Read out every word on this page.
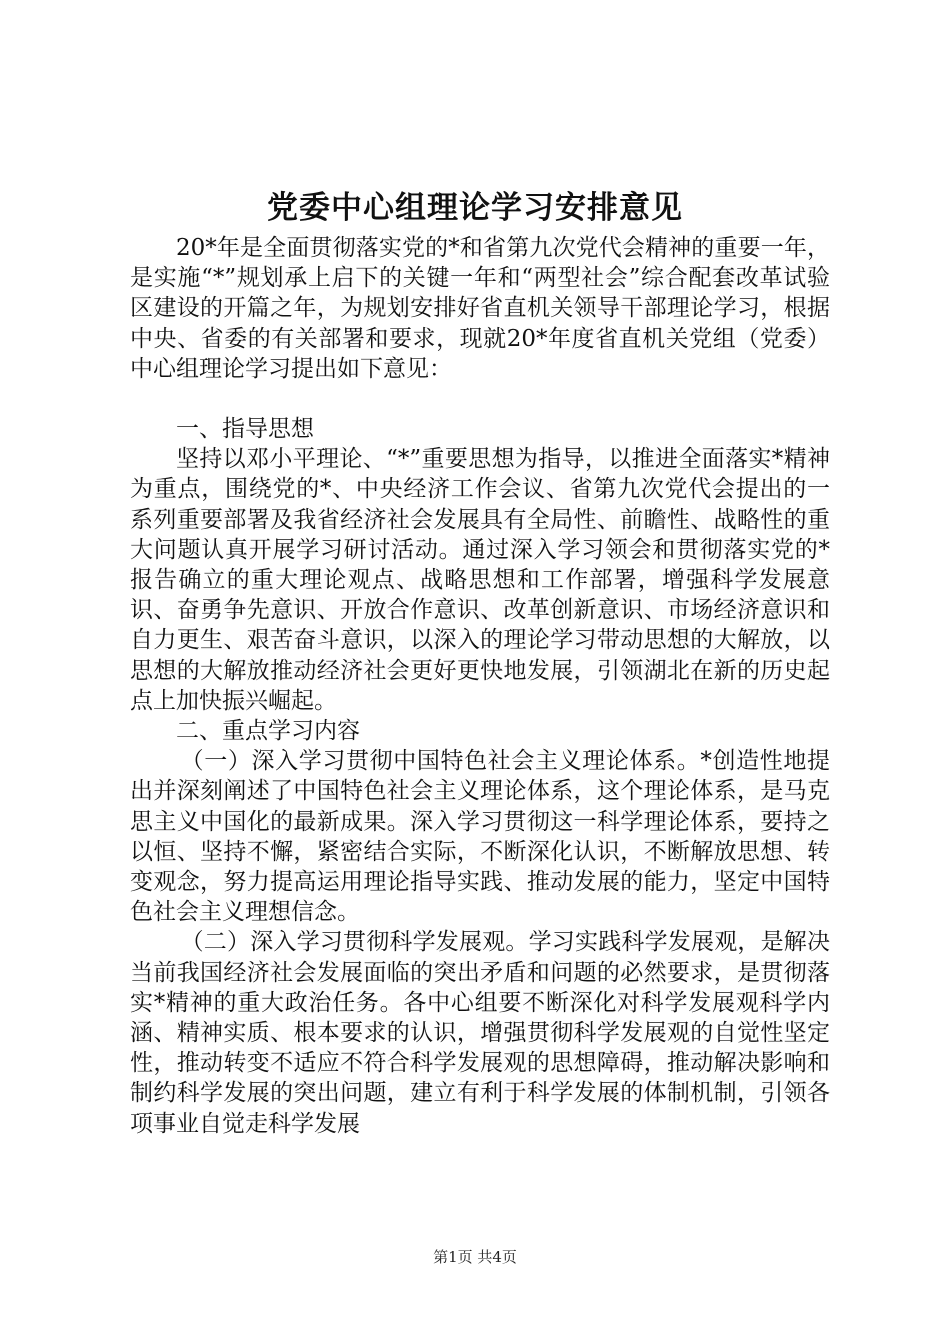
党委中心组理论学习安排意见

20*年是全面贯彻落实党的*和省第九次党代会精神的重要一年，是实施“*”规划承上启下的关键一年和“两型社会”综合配套改革试验区建设的开篇之年，为规划安排好省直机关领导干部理论学习，根据中央、省委的有关部署和要求，现就20*年度省直机关党组（党委）中心组理论学习提出如下意见：

一、指导思想

坚持以邓小平理论、“*”重要思想为指导，以推进全面落实*精神为重点，围绕党的*、中央经济工作会议、省第九次党代会提出的一系列重要部署及我省经济社会发展具有全局性、前瞻性、战略性的重大问题认真开展学习研讨活动。通过深入学习领会和贯彻落实党的*报告确立的重大理论观点、战略思想和工作部署，增强科学发展意识、奋勇争先意识、开放合作意识、改革创新意识、市场经济意识和自力更生、艰苦奋斗意识，以深入的理论学习带动思想的大解放，以思想的大解放推动经济社会更好更快地发展，引领湖北在新的历史起点上加快振兴崛起。

二、重点学习内容

（一）深入学习贯彻中国特色社会主义理论体系。*创造性地提出并深刻阐述了中国特色社会主义理论体系，这个理论体系，是马克思主义中国化的最新成果。深入学习贯彻这一科学理论体系，要持之以恒、坚持不懈，紧密结合实际，不断深化认识，不断解放思想、转变观念，努力提高运用理论指导实践、推动发展的能力，坚定中国特色社会主义理想信念。

（二）深入学习贯彻科学发展观。学习实践科学发展观，是解决当前我国经济社会发展面临的突出矛盾和问题的必然要求，是贯彻落实*精神的重大政治任务。各中心组要不断深化对科学发展观科学内涵、精神实质、根本要求的认识，增强贯彻科学发展观的自觉性坚定性，推动转变不适应不符合科学发展观的思想障碍，推动解决影响和制约科学发展的突出问题，建立有利于科学发展的体制机制，引领各项事业自觉走科学发展

第1页 共4页
